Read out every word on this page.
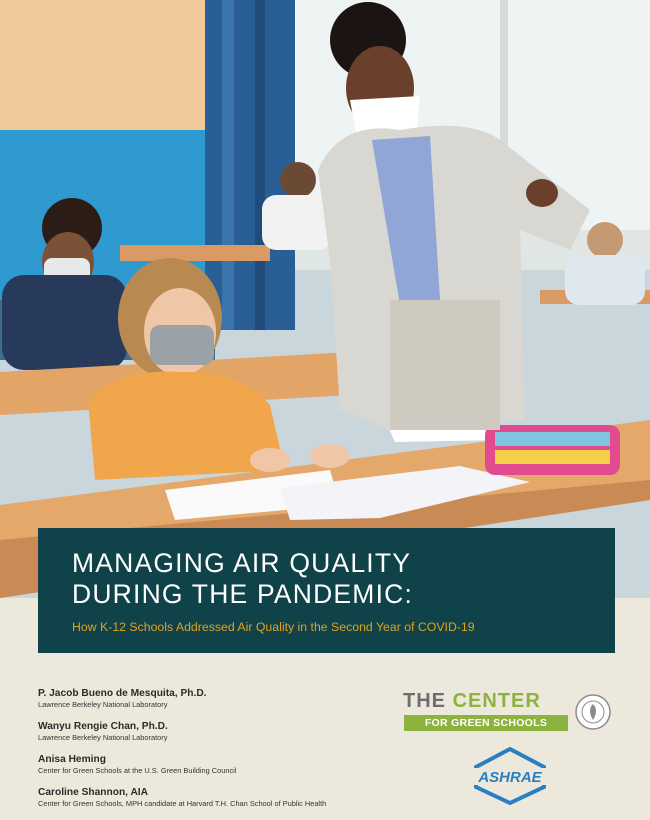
MANAGING AIR QUALITY
DURING THE PANDEMIC:

How K-12 Schools Addressed Air Quality in the Second Year of COVID-19

P. Jacob Bueno de Mesquita, Ph.D.
Lawrence Berkeley National Laboratory
Wanyu Rengie Chan, Ph.D.
Lawrence Berkeley National Laboratory
Anisa Heming
Center for Green Schools at the U.S. Green Building Council
Caroline Shannon, AIA
Center for Green Schools, MPH candidate at Harvard T.H. Chan School of Public Health
THE CENTER
FOR GREEN SCHOOLS
ASHRAE
